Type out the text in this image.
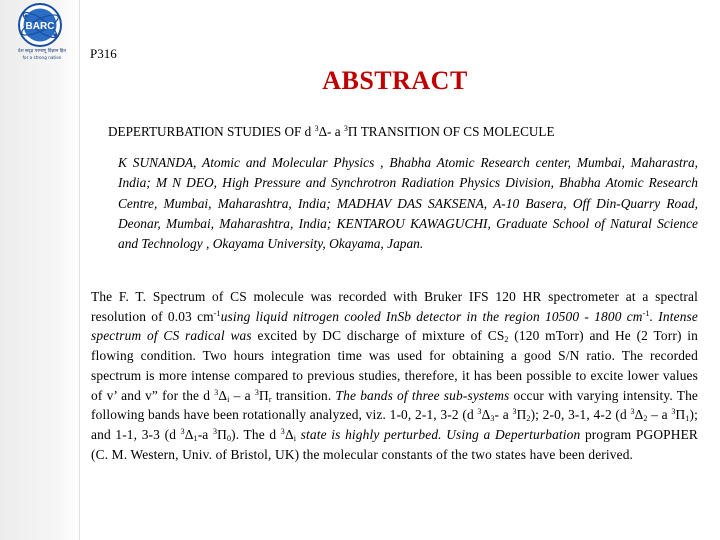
BARC
देश सदृढ़ परमाणु विज्ञान हित
for a strong nation	P316
ABSTRACT
DEPERTURBATION STUDIES OF d $^3$Δ- a $^3$Π TRANSITION OF CS MOLECULE
K SUNANDA, Atomic and Molecular Physics , Bhabha Atomic Research center, Mumbai, Maharastra, India; M N DEO, High Pressure and Synchrotron Radiation Physics Division, Bhabha Atomic Research Centre, Mumbai, Maharashtra, India; MADHAV DAS SAKSENA, A-10 Basera, Off Din-Quarry Road, Deonar, Mumbai, Maharashtra, India; KENTAROU KAWAGUCHI, Graduate School of Natural Science and Technology , Okayama University, Okayama, Japan.
The F. T. Spectrum of CS molecule was recorded with Bruker IFS 120 HR spectrometer at a spectral resolution of 0.03 $cm^{-1}using$ liquid nitrogen cooled InSb detector in the region 10500 - 1800 $cm^{-1}$. Intense spectrum of CS radical was excited by DC discharge of mixture of $CS_2$ (120 mTorr) and He (2 Torr) in flowing condition. Two hours integration time was used for obtaining a good S/N ratio. The recorded spectrum is more intense compared to previous studies, therefore, it has been possible to excite lower values of v’ and v” for the d $^3\Delta_i$ – a $^3\Pi_r$ transition. The bands of three sub-systems occur with varying intensity. The following bands have been rotationally analyzed, viz. 1-0, 2-1, 3-2 (d $^3\Delta_3-$ a $^3\Pi_2$); 2-0, 3-1, 4-2 (d $^3\Delta_2$ – a $^3\Pi_1$); and 1-1, 3-3 (d $^3\Delta_1-a$ $^3\Pi_0$). The d $^3\Delta_i$ state is highly perturbed. Using a Deperturbation program PGOPHER (C. M. Western, Univ. of Bristol, UK) the molecular constants of the two states have been derived.
